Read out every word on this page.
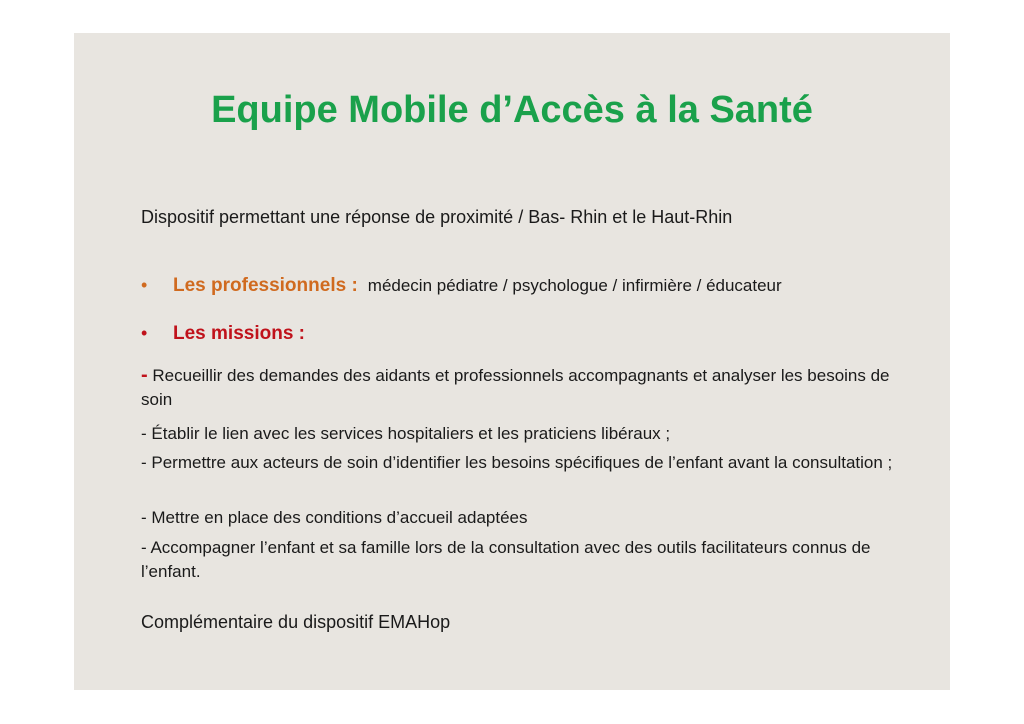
Equipe Mobile d’Accès à la Santé
Dispositif permettant une réponse de proximité / Bas- Rhin et le Haut-Rhin
• Les professionnels : médecin pédiatre / psychologue / infirmière / éducateur
• Les missions :
- Recueillir des demandes des aidants et professionnels accompagnants et analyser les besoins de soin
- Établir le lien avec les services hospitaliers et les praticiens libéraux ;
- Permettre aux acteurs de soin d’identifier les besoins spécifiques de l’enfant avant la consultation ;
- Mettre en place des conditions d’accueil adaptées
- Accompagner l’enfant et sa famille lors de la consultation avec des outils facilitateurs connus de l’enfant.
Complémentaire du dispositif EMAHop
